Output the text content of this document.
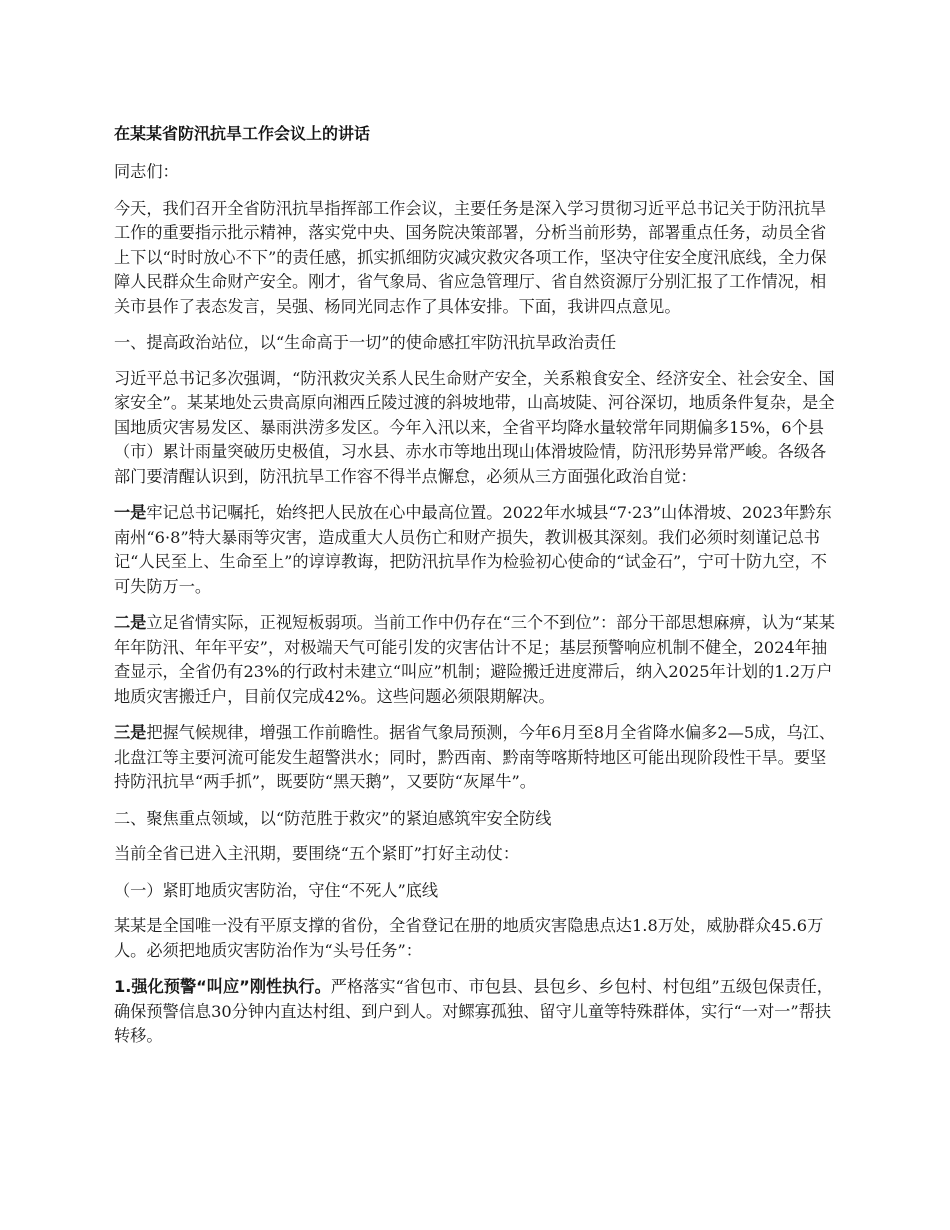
在某某省防汛抗旱工作会议上的讲话

同志们：

今天，我们召开全省防汛抗旱指挥部工作会议，主要任务是深入学习贯彻习近平总书记关于防汛抗旱工作的重要指示批示精神，落实党中央、国务院决策部署，分析当前形势，部署重点任务，动员全省上下以“时时放心不下”的责任感，抓实抓细防灾减灾救灾各项工作，坚决守住安全度汛底线，全力保障人民群众生命财产安全。刚才，省气象局、省应急管理厅、省自然资源厅分别汇报了工作情况，相关市县作了表态发言，吴强、杨同光同志作了具体安排。下面，我讲四点意见。

一、提高政治站位，以“生命高于一切”的使命感扛牢防汛抗旱政治责任

习近平总书记多次强调，“防汛救灾关系人民生命财产安全，关系粮食安全、经济安全、社会安全、国家安全”。某某地处云贵高原向湘西丘陵过渡的斜坡地带，山高坡陡、河谷深切，地质条件复杂，是全国地质灾害易发区、暴雨洪涝多发区。今年入汛以来，全省平均降水量较常年同期偏多15%，6个县（市）累计雨量突破历史极值，习水县、赤水市等地出现山体滑坡险情，防汛形势异常严峻。各级各部门要清醒认识到，防汛抗旱工作容不得半点懈怠，必须从三方面强化政治自觉：

一是牢记总书记嘱托，始终把人民放在心中最高位置。2022年水城县“7·23”山体滑坡、2023年黔东南州“6·8”特大暴雨等灾害，造成重大人员伤亡和财产损失，教训极其深刻。我们必须时刻谨记总书记“人民至上、生命至上”的谆谆教诲，把防汛抗旱作为检验初心使命的“试金石”，宁可十防九空，不可失防万一。

二是立足省情实际，正视短板弱项。当前工作中仍存在“三个不到位”：部分干部思想麻痹，认为“某某年年防汛、年年平安”，对极端天气可能引发的灾害估计不足；基层预警响应机制不健全，2024年抽查显示，全省仍有23%的行政村未建立“叫应”机制；避险搬迁进度滞后，纳入2025年计划的1.2万户地质灾害搬迁户，目前仅完成42%。这些问题必须限期解决。

三是把握气候规律，增强工作前瞻性。据省气象局预测，今年6月至8月全省降水偏多2—5成，乌江、北盘江等主要河流可能发生超警洪水；同时，黔西南、黔南等喀斯特地区可能出现阶段性干旱。要坚持防汛抗旱“两手抓”，既要防“黑天鹅”，又要防“灰犀牛”。

二、聚焦重点领域，以“防范胜于救灾”的紧迫感筑牢安全防线

当前全省已进入主汛期，要围绕“五个紧盯”打好主动仗：

（一）紧盯地质灾害防治，守住“不死人”底线

某某是全国唯一没有平原支撑的省份，全省登记在册的地质灾害隐患点达1.8万处，威胁群众45.6万人。必须把地质灾害防治作为“头号任务”：

1.强化预警“叫应”刚性执行。严格落实“省包市、市包县、县包乡、乡包村、村包组”五级包保责任，确保预警信息30分钟内直达村组、到户到人。对鳏寡孤独、留守儿童等特殊群体，实行“一对一”帮扶转移。
